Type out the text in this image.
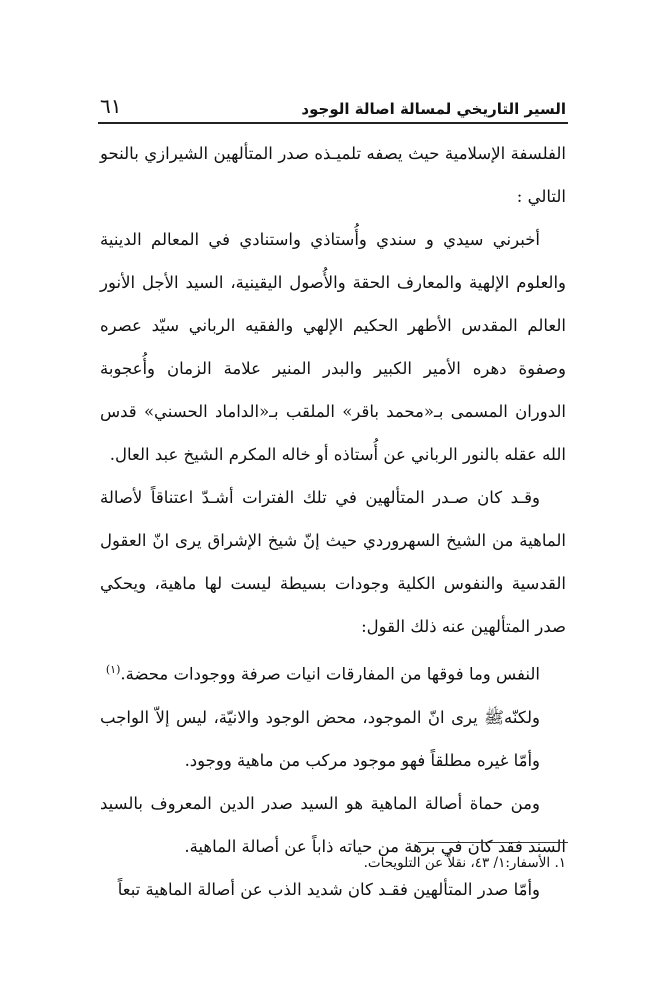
السير التاريخي لمسالة اصالة الوجود
٦١

الفلسفة الإسلامية حيث يصفه تلميـذه صدر المتألهين الشيرازي بالنحو التالي :

أخبرني سيدي و سندي وأُستاذي واستنادي في المعالم الدينية والعلوم الإلهية والمعارف الحقة والأُصول اليقينية، السيد الأجل الأنور العالم المقدس الأطهر الحكيم الإلهي والفقيه الرباني سيّد عصره وصفوة دهره الأمير الكبير والبدر المنير علامة الزمان وأُعجوبة الدوران المسمى بـ«محمد باقر» الملقب بـ«الداماد الحسني» قدس الله عقله بالنور الرباني عن أُستاذه أو خاله المكرم الشيخ عبد العال.

وقـد كان صـدر المتألهين في تلك الفترات أشـدّ اعتناقاً لأصالة الماهية من الشيخ السهروردي حيث إنّ شيخ الإشراق يرى انّ العقول القدسية والنفوس الكلية وجودات بسيطة ليست لها ماهية، ويحكي صدر المتألهين عنه ذلك القول:

النفس وما فوقها من المفارقات انيات صرفة ووجودات محضة.$^{(١)}$

ولكنّهﷺ يرى انّ الموجود، محض الوجود والانيّة، ليس إلاّ الواجب وأمّا غيره مطلقاً فهو موجود مركب من ماهية ووجود.

ومن حماة أصالة الماهية هو السيد صدر الدين المعروف بالسيد السند فقد كان في برهة من حياته ذاباً عن أصالة الماهية.

وأمّا صدر المتألهين فقـد كان شديد الذب عن أصالة الماهية تبعاً

١. الأسفار:١/ ٤٣، نقلاً عن التلويحات.
